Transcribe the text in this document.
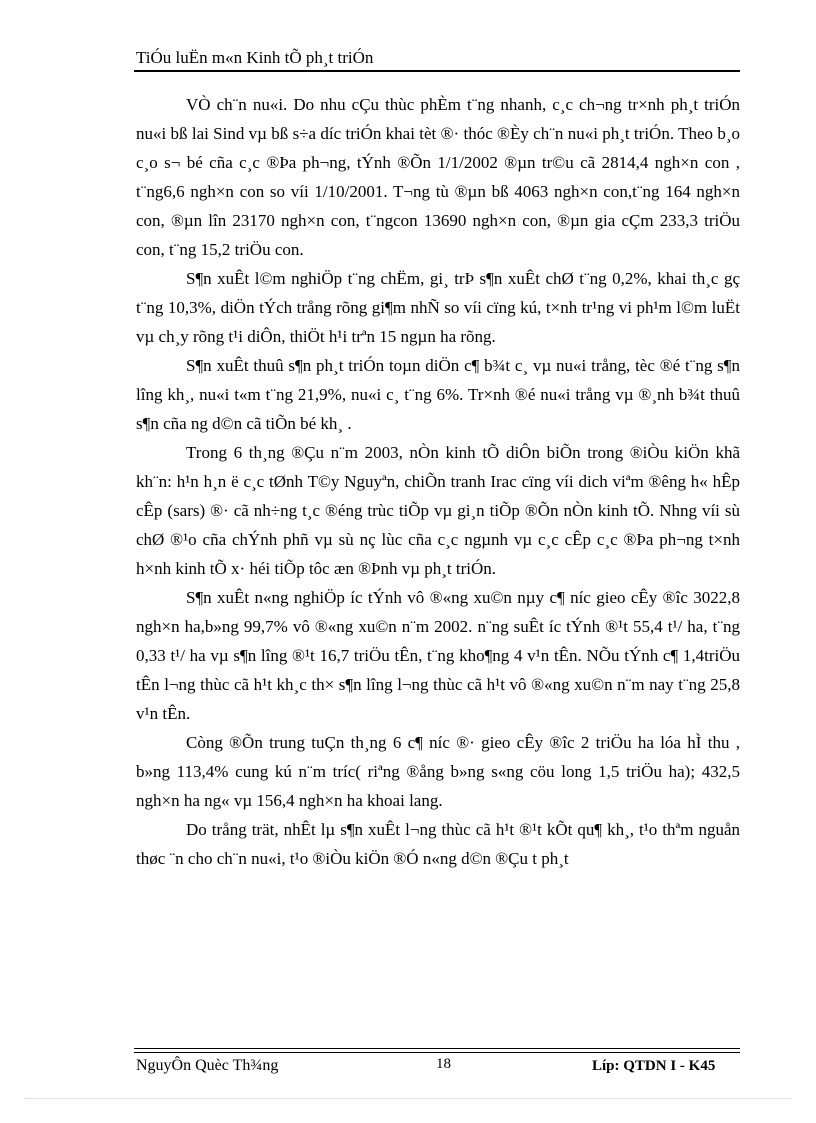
TiÓu luËn m«n Kinh tÕ ph¸t triÓn

VÒ ch¨n nu«i. Do nhu cÇu thùc phÈm t¨ng nhanh, c¸c ch¬ng tr×nh ph¸t triÓn nu«i bß lai Sind vµ bß s÷a díc triÓn khai tèt ®· thóc ®Èy ch¨n nu«i ph¸t triÓn. Theo b¸o c¸o s¬ bé cña c¸c ®Þa ph¬ng, tÝnh ®Õn 1/1/2002 ®µn tr©u cã 2814,4 ngh×n con , t¨ng6,6 ngh×n con so víi 1/10/2001. T¬ng tù ®µn bß 4063 ngh×n con,t¨ng 164 ngh×n con, ®µn lîn 23170 ngh×n con, t¨ngcon 13690 ngh×n con, ®µn gia cÇm 233,3 triÖu con, t¨ng 15,2 triÖu con.

S¶n xuÊt l©m nghiÖp t¨ng chËm, gi¸ trÞ s¶n xuÊt chØ t¨ng 0,2%, khai th¸c gç t¨ng 10,3%, diÖn tÝch trång rõng gi¶m nhÑ so víi cïng kú, t×nh tr¹ng vi ph¹m l©m luËt vµ ch¸y rõng t¹i diÔn, thiÖt h¹i trªn 15 ngµn ha rõng.

S¶n xuÊt thuû s¶n ph¸t triÓn toµn diÖn c¶ b¾t c¸ vµ nu«i trång, tèc ®é t¨ng s¶n lîng kh¸, nu«i t«m t¨ng 21,9%, nu«i c¸ t¨ng 6%. Tr×nh ®é nu«i trång vµ ®¸nh b¾t thuû s¶n cña ng d©n cã tiÕn bé kh¸ .

Trong 6 th¸ng ®Çu n¨m 2003, nÒn kinh tÕ diÔn biÕn trong ®iÒu kiÖn khã kh¨n: h¹n h¸n ë c¸c tØnh T©y Nguyªn, chiÕn tranh Irac cïng víi dich viªm ®êng h« hÊp cÊp (sars) ®· cã nh÷ng t¸c ®éng trùc tiÕp vµ gi¸n tiÕp ®Õn nÒn kinh tÕ. Nhng víi sù chØ ®¹o cña chÝnh phñ vµ sù nç lùc cña c¸c ngµnh vµ c¸c cÊp c¸c ®Þa ph¬ng t×nh h×nh kinh tÕ x· héi tiÕp tôc æn ®Þnh vµ ph¸t triÓn.

S¶n xuÊt n«ng nghiÖp íc tÝnh vô ®«ng xu©n nµy c¶ níc gieo cÊy ®îc 3022,8 ngh×n ha,b»ng 99,7% vô ®«ng xu©n n¨m 2002. n¨ng suÊt íc tÝnh ®¹t 55,4 t¹/ ha, t¨ng 0,33 t¹/ ha vµ s¶n lîng ®¹t 16,7 triÖu tÊn, t¨ng kho¶ng 4 v¹n tÊn. NÕu tÝnh c¶ 1,4triÖu tÊn l¬ng thùc cã h¹t kh¸c th× s¶n lîng l¬ng thùc cã h¹t vô ®«ng xu©n n¨m nay t¨ng 25,8 v¹n tÊn.

Còng ®Õn trung tuÇn th¸ng 6 c¶ níc ®· gieo cÊy ®îc 2 triÖu ha lóa hÌ thu , b»ng 113,4% cung kú n¨m tríc( riªng ®ång b»ng s«ng cöu long 1,5 triÖu ha); 432,5 ngh×n ha ng« vµ 156,4 ngh×n ha khoai lang.

Do trång trät, nhÊt lµ s¶n xuÊt l¬ng thùc cã h¹t ®¹t kÕt qu¶ kh¸, t¹o thªm nguån thøc ¨n cho ch¨n nu«i, t¹o ®iÒu kiÖn ®Ó n«ng d©n ®Çu t ph¸t

NguyÔn Quèc Th¾ng	18	Líp: QTDN I - K45
